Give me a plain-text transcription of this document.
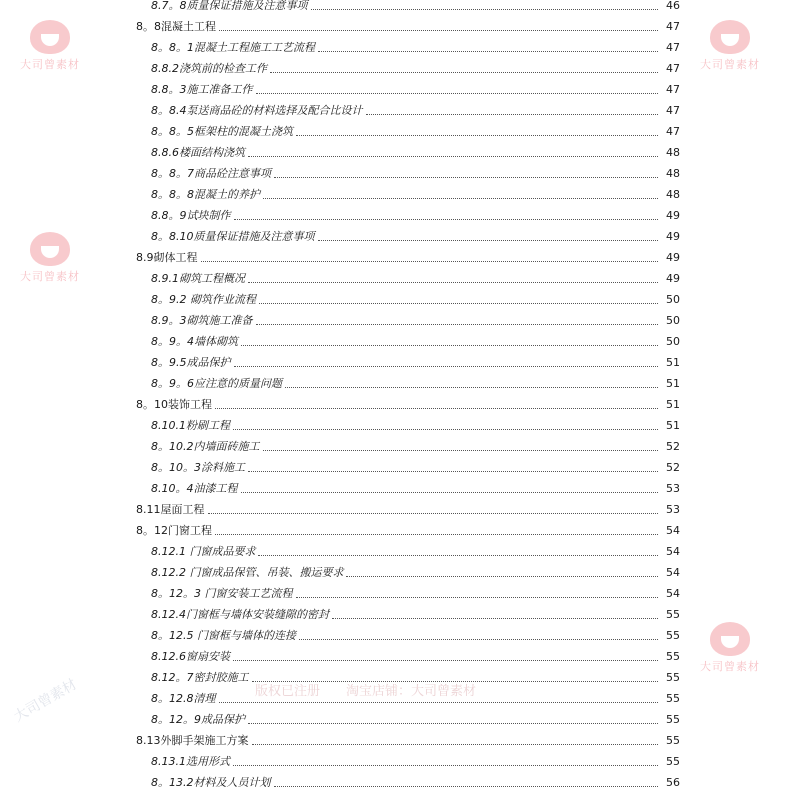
8.7。8质量保证措施及注意事项	46
8。8混凝土工程	47
8。8。1混凝土工程施工工艺流程	47
8.8.2浇筑前的检查工作	47
8.8。3施工准备工作	47
8。8.4泵送商品砼的材料选择及配合比设计	47
8。8。5框架柱的混凝土浇筑	47
8.8.6楼面结构浇筑	48
8。8。7商品砼注意事项	48
8。8。8混凝土的养护	48
8.8。9试块制作	49
8。8.10质量保证措施及注意事项	49
8.9砌体工程	49
8.9.1砌筑工程概况	49
8。9.2 砌筑作业流程	50
8.9。3砌筑施工准备	50
8。9。4墙体砌筑	50
8。9.5成品保护	51
8。9。6应注意的质量问题	51
8。10装饰工程	51
8.10.1粉刷工程	51
8。10.2内墙面砖施工	52
8。10。3涂料施工	52
8.10。4油漆工程	53
8.11屋面工程	53
8。12门窗工程	54
8.12.1 门窗成品要求	54
8.12.2 门窗成品保管、吊装、搬运要求	54
8。12。3 门窗安装工艺流程	54
8.12.4门窗框与墙体安装缝隙的密封	55
8。12.5 门窗框与墙体的连接	55
8.12.6窗扇安装	55
8.12。7密封胶施工	55
8。12.8清理	55
8。12。9成品保护	55
8.13外脚手架施工方案	55
8.13.1选用形式	55
8。13.2材料及人员计划	56
大司曾素材
大司曾素材
大司曾素材
大司曾素材
版权已注册　　淘宝店铺：大司曾素材
大司曾素材
